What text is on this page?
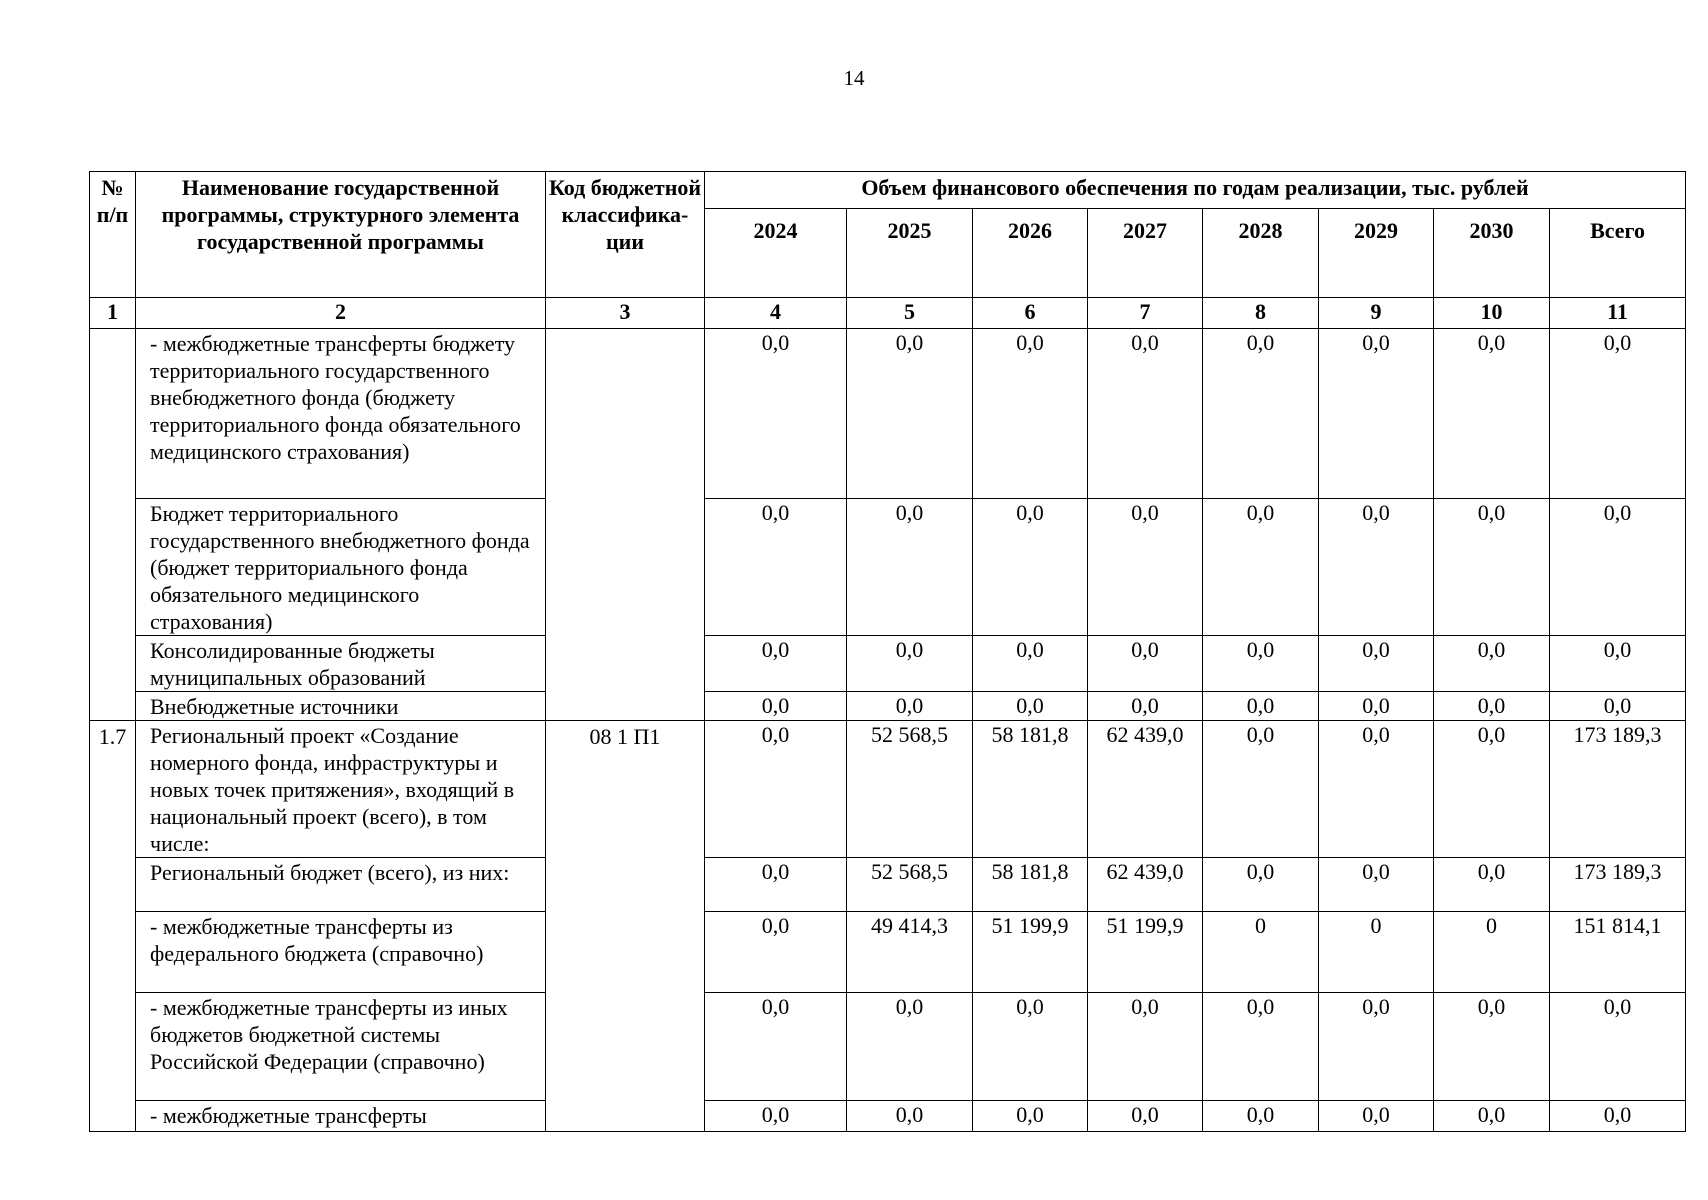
14
№ п/п	Наименование государственной программы, структурного элемента государственной программы	Код бюджетной классифика- ции	Объем финансового обеспечения по годам реализации, тыс. рублей							
			2024	2025	2026	2027	2028	2029	2030	Всего
1	2	3	4	5	6	7	8	9	10	11
	- межбюджетные трансферты бюджету территориального государственного внебюджетного фонда (бюджету территориального фонда обязательного медицинского страхования)		0,0	0,0	0,0	0,0	0,0	0,0	0,0	0,0
	Бюджет территориального государственного внебюджетного фонда (бюджет территориального фонда обязательного медицинского страхования)		0,0	0,0	0,0	0,0	0,0	0,0	0,0	0,0
	Консолидированные бюджеты муниципальных образований		0,0	0,0	0,0	0,0	0,0	0,0	0,0	0,0
	Внебюджетные источники		0,0	0,0	0,0	0,0	0,0	0,0	0,0	0,0
1.7	Региональный проект «Создание номерного фонда, инфраструктуры и новых точек притяжения», входящий в национальный проект (всего), в том числе:	08 1 П1	0,0	52 568,5	58 181,8	62 439,0	0,0	0,0	0,0	173 189,3
	Региональный бюджет (всего), из них:		0,0	52 568,5	58 181,8	62 439,0	0,0	0,0	0,0	173 189,3
	- межбюджетные трансферты из федерального бюджета (справочно)		0,0	49 414,3	51 199,9	51 199,9	0	0	0	151 814,1
	- межбюджетные трансферты из иных бюджетов бюджетной системы Российской Федерации (справочно)		0,0	0,0	0,0	0,0	0,0	0,0	0,0	0,0
	- межбюджетные трансферты		0,0	0,0	0,0	0,0	0,0	0,0	0,0	0,0
